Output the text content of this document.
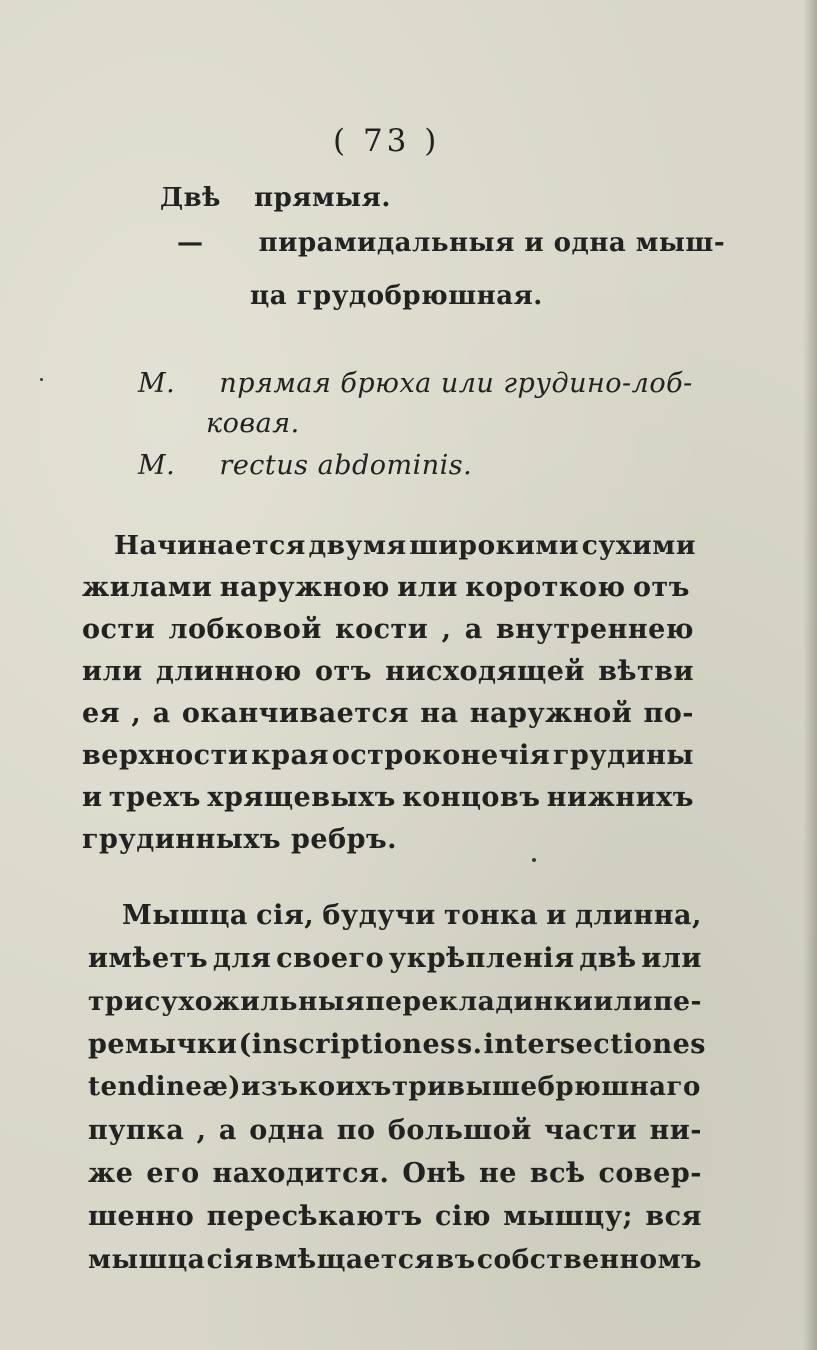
( 73 )
Двѣ прямыя.
— пирамидальныя и одна мыш-
ца грудобрюшная.
M. прямая брюха или грудино-лоб-
ковая.
M. rectus abdominis.
Начинается двумя широкими сухими
жилами наружною или короткою отъ
ости лобковой кости , а внутреннею
или длинною отъ нисходящей вѣтви
ея , а оканчивается на наружной по-
верхности края остроконечія грудины
и трехъ хрящевыхъ концовъ нижнихъ
грудинныхъ ребръ.
Мышца сія, будучи тонка и длинна,
имѣетъ для своего укрѣпленія двѣ или
три сухожильныя перекладинки или пе-
ремычки (inscriptiones s. intersectiones
tendineæ) изъ коихъ три выше брюшнаго
пупка , а одна по большой части ни-
же его находится. Онѣ не всѣ совер-
шенно пересѣкаютъ сію мышцу; вся
мышца сія вмѣщается въ собственномъ
